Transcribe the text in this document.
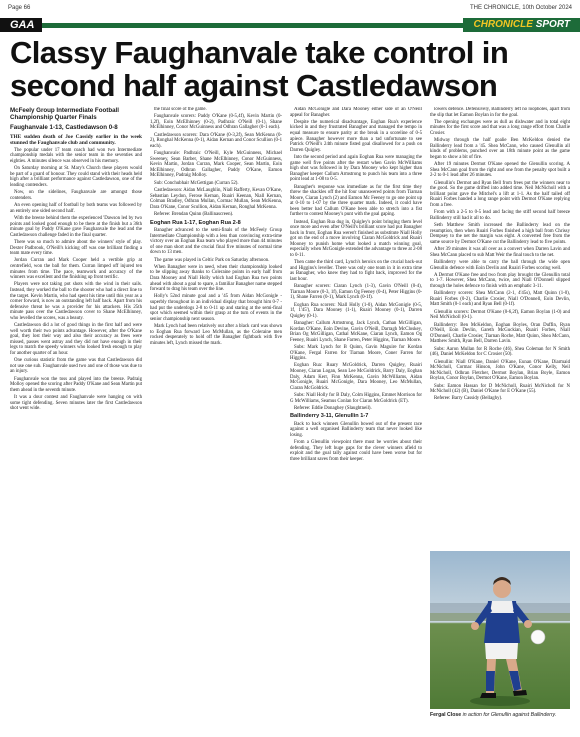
Page 66	THE CHRONICLE, 10th October 2024
GAA	CHRONICLE SPORT
Classy Faughanvale take control in second half against Castledawson
McFeely Group Intermediate Football Championship Quarter Finals
Faughanvale 1-13, Castledawson 0-8

THE sudden death of Joe Cassidy earlier in the week stunned the Faughanvale club and community.

The popular under 17 team coach had won two Intermediate championship medals with the senior team in the seventies and eighties. A minutes silence was observed in his memory.

On Saturday morning at St. Mary's Church these players would be part of a guard of honour. They could stand with their heads held high after a brilliant performance against Castledawson, one of the leading contenders.

Now, on the sidelines, Faughanvale are amongst those contenders.

An even opening half of football by both teams was followed by an entirely one sided second half.

With the breeze behind them the experienced 'Dawson led by two points and looked good enough to be there at the finish but a 36th minute goal by Paddy O'Kane gave Faughanvale the lead and the Castledawson challenge faded in the final quarter.

There was so much to admire about the winners' style of play. Dexter Padbrook, O'Neill's kicking off was one brilliant finding a team mate every time.

Jordan Curran and Mark Cooper held a vertible grip at centrefield, won the ball for them. Curran limped off injured ten minutes from time. The pace, teamwork and accuracy of the winners was excellent and the finishing up front terrific.

Players were not taking pot shots with the wind in their sails. Instead, they worked the ball to the shooter who had a direct line to the target. Kevin Martin, who had spent his time until this year as a corner forward, is now an outstanding left half back. Apart from his defensive threat he was a provider for his attackers. His 25th minute pass over the Castledawson cover to Shane McElhinney, who levelled the scores, was a beauty.

Castledawson did a lot of good things in the first half and were well worth their two points advantage. However, after the O'Kane goal, they lost their way and also their accuracy as frees were missed, passes went astray and they did not have enough in their legs to match the speedy winners who looked fresh enough to play for another quarter of an hour.

One curious statistic from the game was that Castledawson did not use one sub. Faughanvale used two and one of those was due to an injury.

Faughanvale won the toss and played into the breeze. Padraig Molloy opened the scoring after Paddy O'Kane and Sean Martin put them ahead in the seventh minute.

It was a dour contest and Faughanvale were hanging on with some tight defending. Seven minutes later the first Castledawson shot went wide.

the final score of the game.

Faughanvale scorers: Paddy O'Kane (0-5,4f), Kevin Martin (0-1,2f), Eoin McElhinney (0-2), Padhraic O'Neill (0-1), Shane McElhinney, Conor McGuinness and Odhran Gallagher (0-1 each).

Castledawson scorers: Dara O'Kane (0-3,2f), Sean McKenna (0-2), Ronghal McKenna (0-1), Aidan Kernan and Conor Scullion (0-1 each).

Faughanvale: Padhraic O'Neill, Kyle McGuinness, Michael Sweeney, Sean Barber, Shane McElhinney, Conor McGuinness, Kevin Martin, Jordan Curran, Mark Cooper, Sean Martin, Eoin McElhinney, Odhran Gallagher, Paddy O'Kane, Eamon McElhinney, Padraig Molloy.

Sub: Conchubhair McGettigan (Curran 52).

Castledawson: Aidan McLaughlin, Niall Rafferty, Kevan O'Kane, Sebastian Leydon, Ferose Kernan, Ruairi Keenan, Niall Kernan, Colman Bradley, Odhran Mullan, Cormac Mullan, Sean McKenna, Dara O'Kane, Conor Scullion, Aidan Kernan, Ronghal McKenna.

Referee: Brendan Quinn (Ballinascreen).

Eoghan Rua 1-17, Eoghan Rua 2-8

Banagher advanced to the semi-finals of the McFeely Group Intermediate Championship with a less than convincing extra-time victory over an Eoghan Rua team who played more than 44 minutes of one man short and the crucial final five minutes of normal time down to 13 men.

The game was played in Celtic Park on Saturday afternoon.

When Banagher were in need, when their championship looked to be slipping away thanks to Coleraine points in early half from Dara Mooney and Niall Holly which had Eoghan Rua two points ahead with about a goal to spare, a familiar Banagher name stepped forward to drag his team over the line.

Holly's 52nd minute goal and a '45 from Aidan McGonigle - superbly throughout in an individual display that brought him 0-7 - had put the underdogs 2-8 to 0-11 up and staring at the semi-final spot which seemed within their grasp at the turn of events in the senior championship next season.

Mark Lynch had been relatively out after a black card was shown to Eoghan Rua forward Leo McMullan, as the Coleraine men rocked desperately to hold off the Banagher fightback with five minutes left, Lynch missed the mark.

Aidan McGonigle and Dara Mooney either side of an O'Neill appeal for Banagher.

Despite the numerical disadvantage, Eoghan Rua's experience kicked in and they frustrated Banagher and managed the tempo in equal measure to ensure parity at the break in a scoreline of 0-5 apiece. Banagher however more than a tad unfortunate to see Patrick O'Neill's 24th minute fisted goal disallowed for a push on Darren Quigley.

Into the second period and again Eoghan Rua were managing the game well five points after the restart when Gavin McWilliams high shot was followed in by Dara Mooney who kept higher than Banagher keeper Callum Armstrong to punch his team into a three point lead at 1-08 to 0-5.

Banagher's response was immediate as for the first time they threw the shackles off the hit four unanswered points from Tiarnan Moore, Ciaran Lynch (2) and Eamon Mc Feeney to go one point up at 0-10 to 1-07 by the three quarter mark. Indeed, it could have been better had Callum O'Kane been able to stretch into a fist further to contest Mooney's punt with the goal gaping.

Instead, Eoghan Rua dug in, Quigley's point bringing them level once more and even after O'Neill's brilliant score had put Banagher back in front, Eoghan Rua weren't finished as substitute Niall Holly got on the end of a move involving Ciaran McGoldrick and Ruairi Mooney to punish home what looked a match winning goal, especially when McGonigle extended the advantage to three at 2-08 to 0-11.

Then came the third card, Lynch's heroics on the crucial back-out and Higgins's leveller. There was only one team in it in extra time as Banagher, who knew they had to fight back, improved for the last hour.

Banagher scorers: Ciaran Lynch (1-3), Gavin O'Neill (0-4), Tiarnan Moore (0-3, 1f), Eamon Og Feeney (0-4), Peter Higgins (0-1), Shane Farren (0-1), Mark Lynch (0-1f).

Eoghan Rua scorers: Niall Holly (1-0), Aidan McGonigle (0-5, 1f, 1'45'), Dara Mooney (1-1), Ruairi Mooney (0-1), Darren Quigley (0-1).

Banagher: Callum Armstrong, Jack Lynch, Cathan McGilligan, Kordan O'Kane, Eoin Devine, Gavin O'Neill, Darragh McCloskey, Brian Og McGilligan, Cathal McKane, Ciaran Lynch, Eamon Og Feeney, Ruairi Lynch, Shane Farren, Peter Higgins, Tiarnan Moore.

Subs: Mark Lynch for B Quinn, Gavin Maguire for Kordan O'Kane, Fergal Farren for Tiarnan Moore, Coner Farren for Higgins.

Eoghan Rua: Ruary McGoldrick, Darren Quigley, Ruairi Mooney, Ciaran Logan, Sean Lee McGoldrick, Barry Daly, Eoghan Daly, Adam Kerr, Finn McKenna, Gavin McWilliams, Aidan McGonigle, Ruairi McGonigle, Dara Mooney, Leo McMullan, Ciaran McGoldrick.

Subs: Niall Holly for B Daly, Colm Higgins, Emmet Morrison for G McWilliams, Seamus Conlan for Ciaran McGoldrick (ET).

Referee: Eddie Donaghey (Slaughtneil).

Ballinderry 3-11, Glenullin 1-7

Back to back winners Glenullin bowed out of the present race against a well organised Ballinderry team that never looked like losing.

From a Glenullin viewpoint there must be worries about their defending. They left huge gaps for the clever winners afield to exploit and the goal tally against could have been worse but for three brilliant saves from their keeper.

lowers defence. Defensively, Ballinderry left no loopholes, apart from the slip that let Eamon Boylan in for the goal.

The opening exchanges were as dull as dishwater and in total eight minutes for the first score and that was a long range effort from Charlie Crosier.

Midway through the half goalie Ben McKeldon denied the Ballinderry lead from a '45. Shea McCann, who caused Glenullin all kinds of problems, punched over an 18th minute point as the game began to show a bit of fire.

After 19 minutes Dermot O'Kane opened the Glenullin scoring. A Shea McCann goal from the right and one from the penalty spot built a 2-2 to 0-1 lead after 26 minutes.

Glenullin's Dermot and Ryan Bell from frees put the winners near to the good. So the game drifted into added time. Neil McNicholl with a brilliant point gave the Mitchel's a lift at 1-1. As the half tailed off Ruairi Forbes handed a long range point with Dermot O'Kane replying from a free.

From with a 2-5 to 0-5 lead and facing the stiff second half breeze Ballinderry still had it all to do.

Seth Matthew Smith increased the Ballinderry lead on the resumption, then when Ruairi Forbes finished a high ball from Chrissy Dempsey to the net the margin was eight. A converted free from the same source by Dermot O'Kane cut the Ballinderry lead to five points.

After 39 minutes it was all over as a convert when Darren Lavin and Shea McCann placed to sub Matt Weir the final touch to the net.

Ballinderry were able to carry the ball through the wide open Glenullin defence with Eoin Devlin and Ruairi Forbes scoring well.

A Dermot O'Kane free and two from play brought the Glenullin total to 1-7. However, Shea McCann, twice, and Niall O'Donnell slipped through the holes defence to finish with an emphatic 3-11.

Ballinderry scorers: Shea McCann (2-1, 4'45s), Matt Quinn (1-0), Ruairi Forbes (0-2), Charlie Crosier, Niall O'Donnell, Eoin Devlin, Matt Smith (0-1 each) and Ryan Bell (0-1f).

Glenullin scorers: Dermot O'Kane (0-6,2f), Eamon Boylan (1-0) and Neil McNicholl (0-1).

Ballinderry: Ben McKeldon, Eoghan Boyles, Oran Duffin, Ryan O'Neill, Eoin Devlin, Gareth McGuckian, Ruairi Forbes, Niall O'Donnell, Charlie Crosier, Tiarnan Roche, Matt Quinn, Shea McCann, Matthew Smith, Ryan Bell, Darren Lavin.

Subs: Aaron Mullan for R Roche (46), Shea Coleman for N Smith (46), Daniel McKeldon for C Crosier (50).

Glenullin: Niall O'Kane, Daniel O'Kane, Eunan O'Kane, Diarmaid McNicholl, Cormac Hinson, John O'Kane, Conor Kelly, Neil McNicholl, Odhran Fletcher, Dermot Boylan, Brian Boyle, Eamon Boylan, Conor Boylan, Dermot O'Kane, Eamon Boylan.

Subs: Eamon Hassan for D McNicholl, Ruairi McNicholl for N McNicholl (42) (B), Daniel O'Kane for E O'Kane (55).

Referee: Barry Cassidy (Bellaghy).

Fergal Close in action for Glenullin against Ballinderry.
